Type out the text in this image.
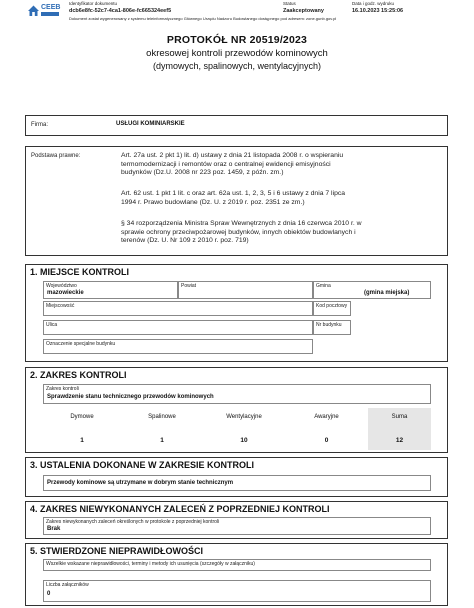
CEEB
Identyfikator dokumentu
dcb6e8fc-52c7-4ca1-806e-fc665324eef5
Dokument został wygenerowany z systemu teleinformatycznego Głównego Urzędu Nadzoru Budowlanego dostępnego pod adresem: zone.gunb.gov.pl
Status
Zaakceptowany
Data i godz. wydruku
16.10.2023 15:25:06
PROTOKÓŁ NR 20519/2023
okresowej kontroli przewodów kominowych
(dymowych, spalinowych, wentylacyjnych)
Firma:	USŁUGI KOMINIARSKIE
Podstawa prawne:	Art. 27a ust. 2 pkt 1) lit. d) ustawy z dnia 21 listopada 2008 r. o wspieraniu
termomodernizacji i remontów oraz o centralnej ewidencji emisyjności
budynków (Dz.U. 2008 nr 223 poz. 1459, z późn. zm.)
Art. 62 ust. 1 pkt 1 lit. c oraz art. 62a ust. 1, 2, 3, 5 i 6 ustawy z dnia 7 lipca
1994 r. Prawo budowlane (Dz. U. z 2019 r. poz. 2351 ze zm.)
§ 34 rozporządzenia Ministra Spraw Wewnętrznych z dnia 16 czerwca 2010 r. w
sprawie ochrony przeciwpożarowej budynków, innych obiektów budowlanych i
terenów (Dz. U. Nr 109 z 2010 r. poz. 719)
1. MIEJSCE KONTROLI
Województwo
mazowieckie
Powiat	Gmina
(gmina miejska)
Miejscowość	Kod pocztowy
Ulica	Nr budynku
Oznaczenie specjalne budynku
2. ZAKRES KONTROLI
Zakres kontroli
Sprawdzenie stanu technicznego przewodów kominowych
Dymowe	Spalinowe	Wentylacyjne	Awaryjne	Suma
1	1	10	0	12
3. USTALENIA DOKONANE W ZAKRESIE KONTROLI
Przewody kominowe są utrzymane w dobrym stanie technicznym
4. ZAKRES NIEWYKONANYCH ZALECEŃ Z POPRZEDNIEJ KONTROLI
Zakres niewykonanych zaleceń określonych w protokole z poprzedniej kontroli
Brak
5. STWIERDZONE NIEPRAWIDŁOWOŚCI
Wszelkie wskazane nieprawidłowości, terminy i metody ich usunięcia (szczegóły w załączniku)
Liczba załączników
0
